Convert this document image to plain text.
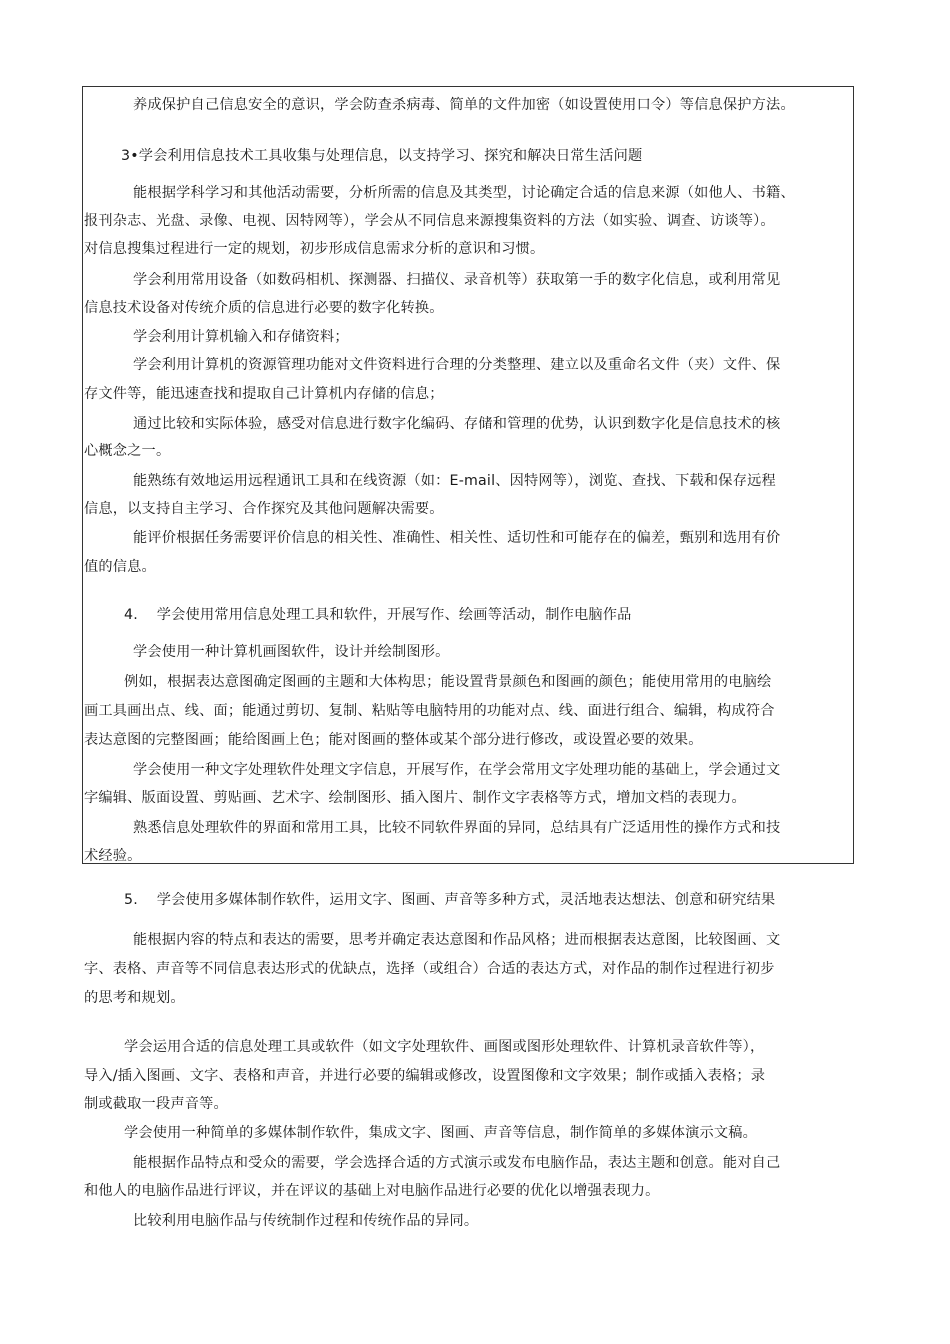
养成保护自己信息安全的意识，学会防查杀病毒、简单的文件加密（如设置使用口令）等信息保护方法。
3•学会利用信息技术工具收集与处理信息，以支持学习、探究和解决日常生活问题
能根据学科学习和其他活动需要，分析所需的信息及其类型，讨论确定合适的信息来源（如他人、书籍、
报刊杂志、光盘、录像、电视、因特网等），学会从不同信息来源搜集资料的方法（如实验、调查、访谈等）。
对信息搜集过程进行一定的规划，初步形成信息需求分析的意识和习惯。
学会利用常用设备（如数码相机、探测器、扫描仪、录音机等）获取第一手的数字化信息，或利用常见
信息技术设备对传统介质的信息进行必要的数字化转换。
学会利用计算机输入和存储资料；
学会利用计算机的资源管理功能对文件资料进行合理的分类整理、建立以及重命名文件（夹）文件、保
存文件等，能迅速查找和提取自己计算机内存储的信息；
通过比较和实际体验，感受对信息进行数字化编码、存储和管理的优势，认识到数字化是信息技术的核
心概念之一。
能熟练有效地运用远程通讯工具和在线资源（如：E-mail、因特网等），浏览、查找、下载和保存远程
信息，以支持自主学习、合作探究及其他问题解决需要。
能评价根据任务需要评价信息的相关性、准确性、相关性、适切性和可能存在的偏差，甄别和选用有价
值的信息。
4.    学会使用常用信息处理工具和软件，开展写作、绘画等活动，制作电脑作品
学会使用一种计算机画图软件，设计并绘制图形。
例如，根据表达意图确定图画的主题和大体构思；能设置背景颜色和图画的颜色；能使用常用的电脑绘
画工具画出点、线、面；能通过剪切、复制、粘贴等电脑特用的功能对点、线、面进行组合、编辑，构成符合
表达意图的完整图画；能给图画上色；能对图画的整体或某个部分进行修改，或设置必要的效果。
学会使用一种文字处理软件处理文字信息，开展写作，在学会常用文字处理功能的基础上，学会通过文
字编辑、版面设置、剪贴画、艺术字、绘制图形、插入图片、制作文字表格等方式，增加文档的表现力。
熟悉信息处理软件的界面和常用工具，比较不同软件界面的异同，总结具有广泛适用性的操作方式和技
术经验。
5.    学会使用多媒体制作软件，运用文字、图画、声音等多种方式，灵活地表达想法、创意和研究结果
能根据内容的特点和表达的需要，思考并确定表达意图和作品风格；进而根据表达意图，比较图画、文
字、表格、声音等不同信息表达形式的优缺点，选择（或组合）合适的表达方式，对作品的制作过程进行初步
的思考和规划。
学会运用合适的信息处理工具或软件（如文字处理软件、画图或图形处理软件、计算机录音软件等），
导入/插入图画、文字、表格和声音，并进行必要的编辑或修改，设置图像和文字效果；制作或插入表格；录
制或截取一段声音等。
学会使用一种简单的多媒体制作软件，集成文字、图画、声音等信息，制作简单的多媒体演示文稿。
能根据作品特点和受众的需要，学会选择合适的方式演示或发布电脑作品，表达主题和创意。能对自己
和他人的电脑作品进行评议，并在评议的基础上对电脑作品进行必要的优化以增强表现力。
比较利用电脑作品与传统制作过程和传统作品的异同。
